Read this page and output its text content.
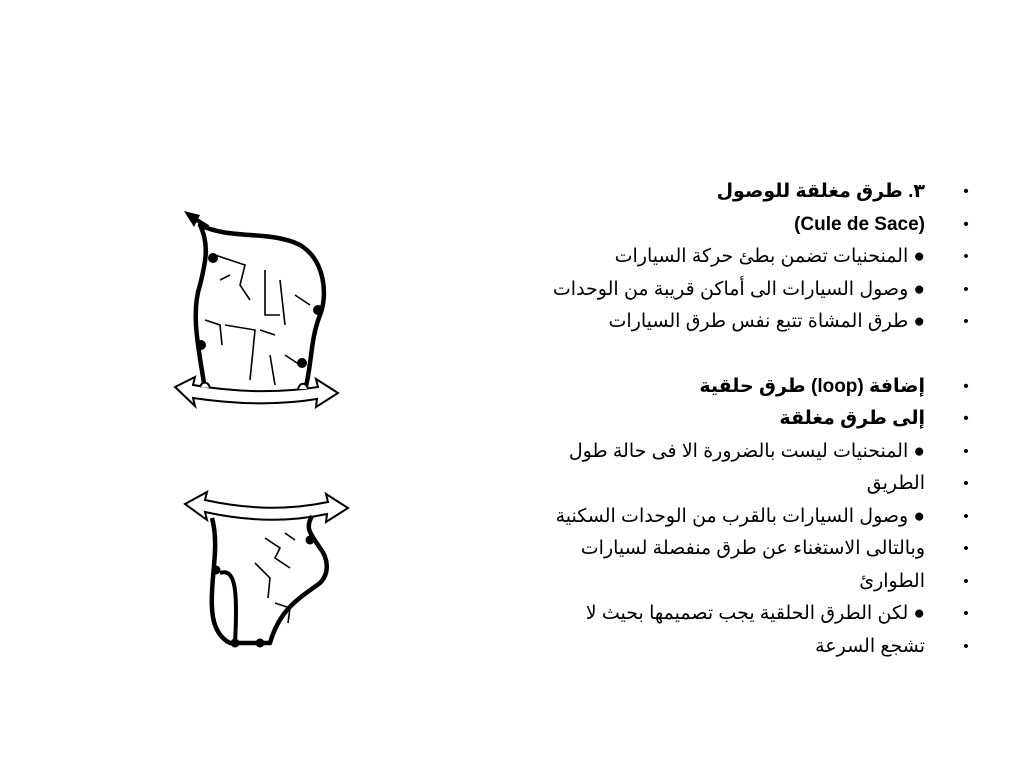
•
٣. طرق مغلقة للوصول
•
(Cule de Sace)
•
● المنحنيات تضمن بطئ حركة السيارات
•
● وصول السيارات الى أماكن قريبة من الوحدات
•
● طرق المشاة تتبع نفس طرق السيارات
•
إضافة (loop) طرق حلقية
•
إلى طرق مغلقة
•
● المنحنيات ليست بالضرورة الا فى حالة طول
•
الطريق
•
● وصول السيارات بالقرب من الوحدات السكنية
•
وبالتالى الاستغناء عن طرق منفصلة لسيارات
•
الطوارئ
•
● لكن الطرق الحلقية يجب تصميمها بحيث لا
•
تشجع السرعة
